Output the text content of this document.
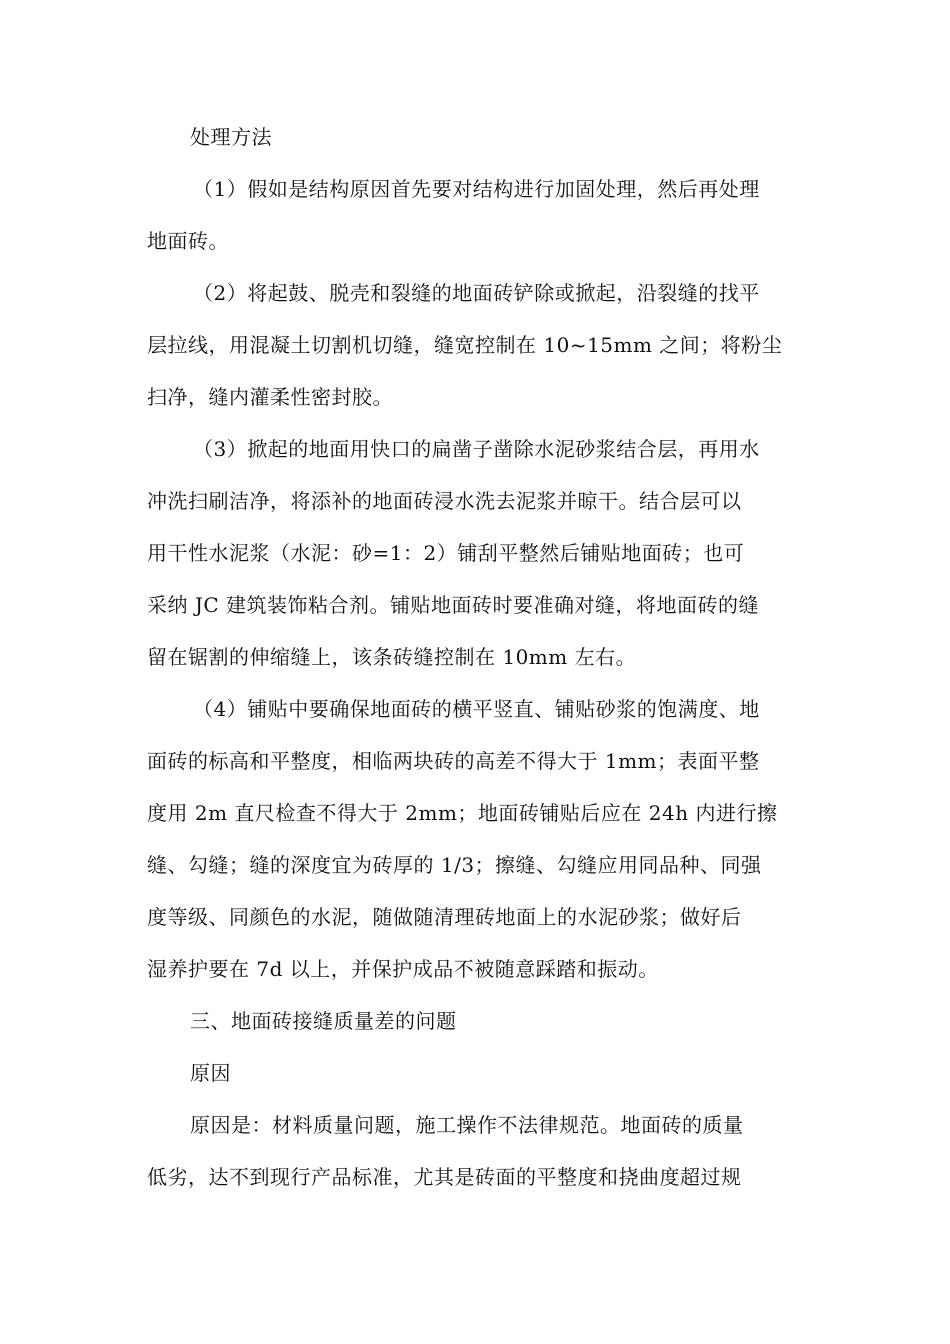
处理方法
（1）假如是结构原因首先要对结构进行加固处理，然后再处理
地面砖。
（2）将起鼓、脱壳和裂缝的地面砖铲除或掀起，沿裂缝的找平
层拉线，用混凝土切割机切缝，缝宽控制在 10~15mm 之间；将粉尘
扫净，缝内灌柔性密封胶。
（3）掀起的地面用快口的扁凿子凿除水泥砂浆结合层，再用水
冲洗扫刷洁净，将添补的地面砖浸水洗去泥浆并晾干。结合层可以
用干性水泥浆（水泥：砂=1：2）铺刮平整然后铺贴地面砖；也可
采纳 JC 建筑装饰粘合剂。铺贴地面砖时要准确对缝，将地面砖的缝
留在锯割的伸缩缝上，该条砖缝控制在 10mm 左右。
（4）铺贴中要确保地面砖的横平竖直、铺贴砂浆的饱满度、地
面砖的标高和平整度，相临两块砖的高差不得大于 1mm；表面平整
度用 2m 直尺检查不得大于 2mm；地面砖铺贴后应在 24h 内进行擦
缝、勾缝；缝的深度宜为砖厚的 1/3；擦缝、勾缝应用同品种、同强
度等级、同颜色的水泥，随做随清理砖地面上的水泥砂浆；做好后
湿养护要在 7d 以上，并保护成品不被随意踩踏和振动。
三、地面砖接缝质量差的问题
原因
原因是：材料质量问题，施工操作不法律规范。地面砖的质量
低劣，达不到现行产品标准，尤其是砖面的平整度和挠曲度超过规
